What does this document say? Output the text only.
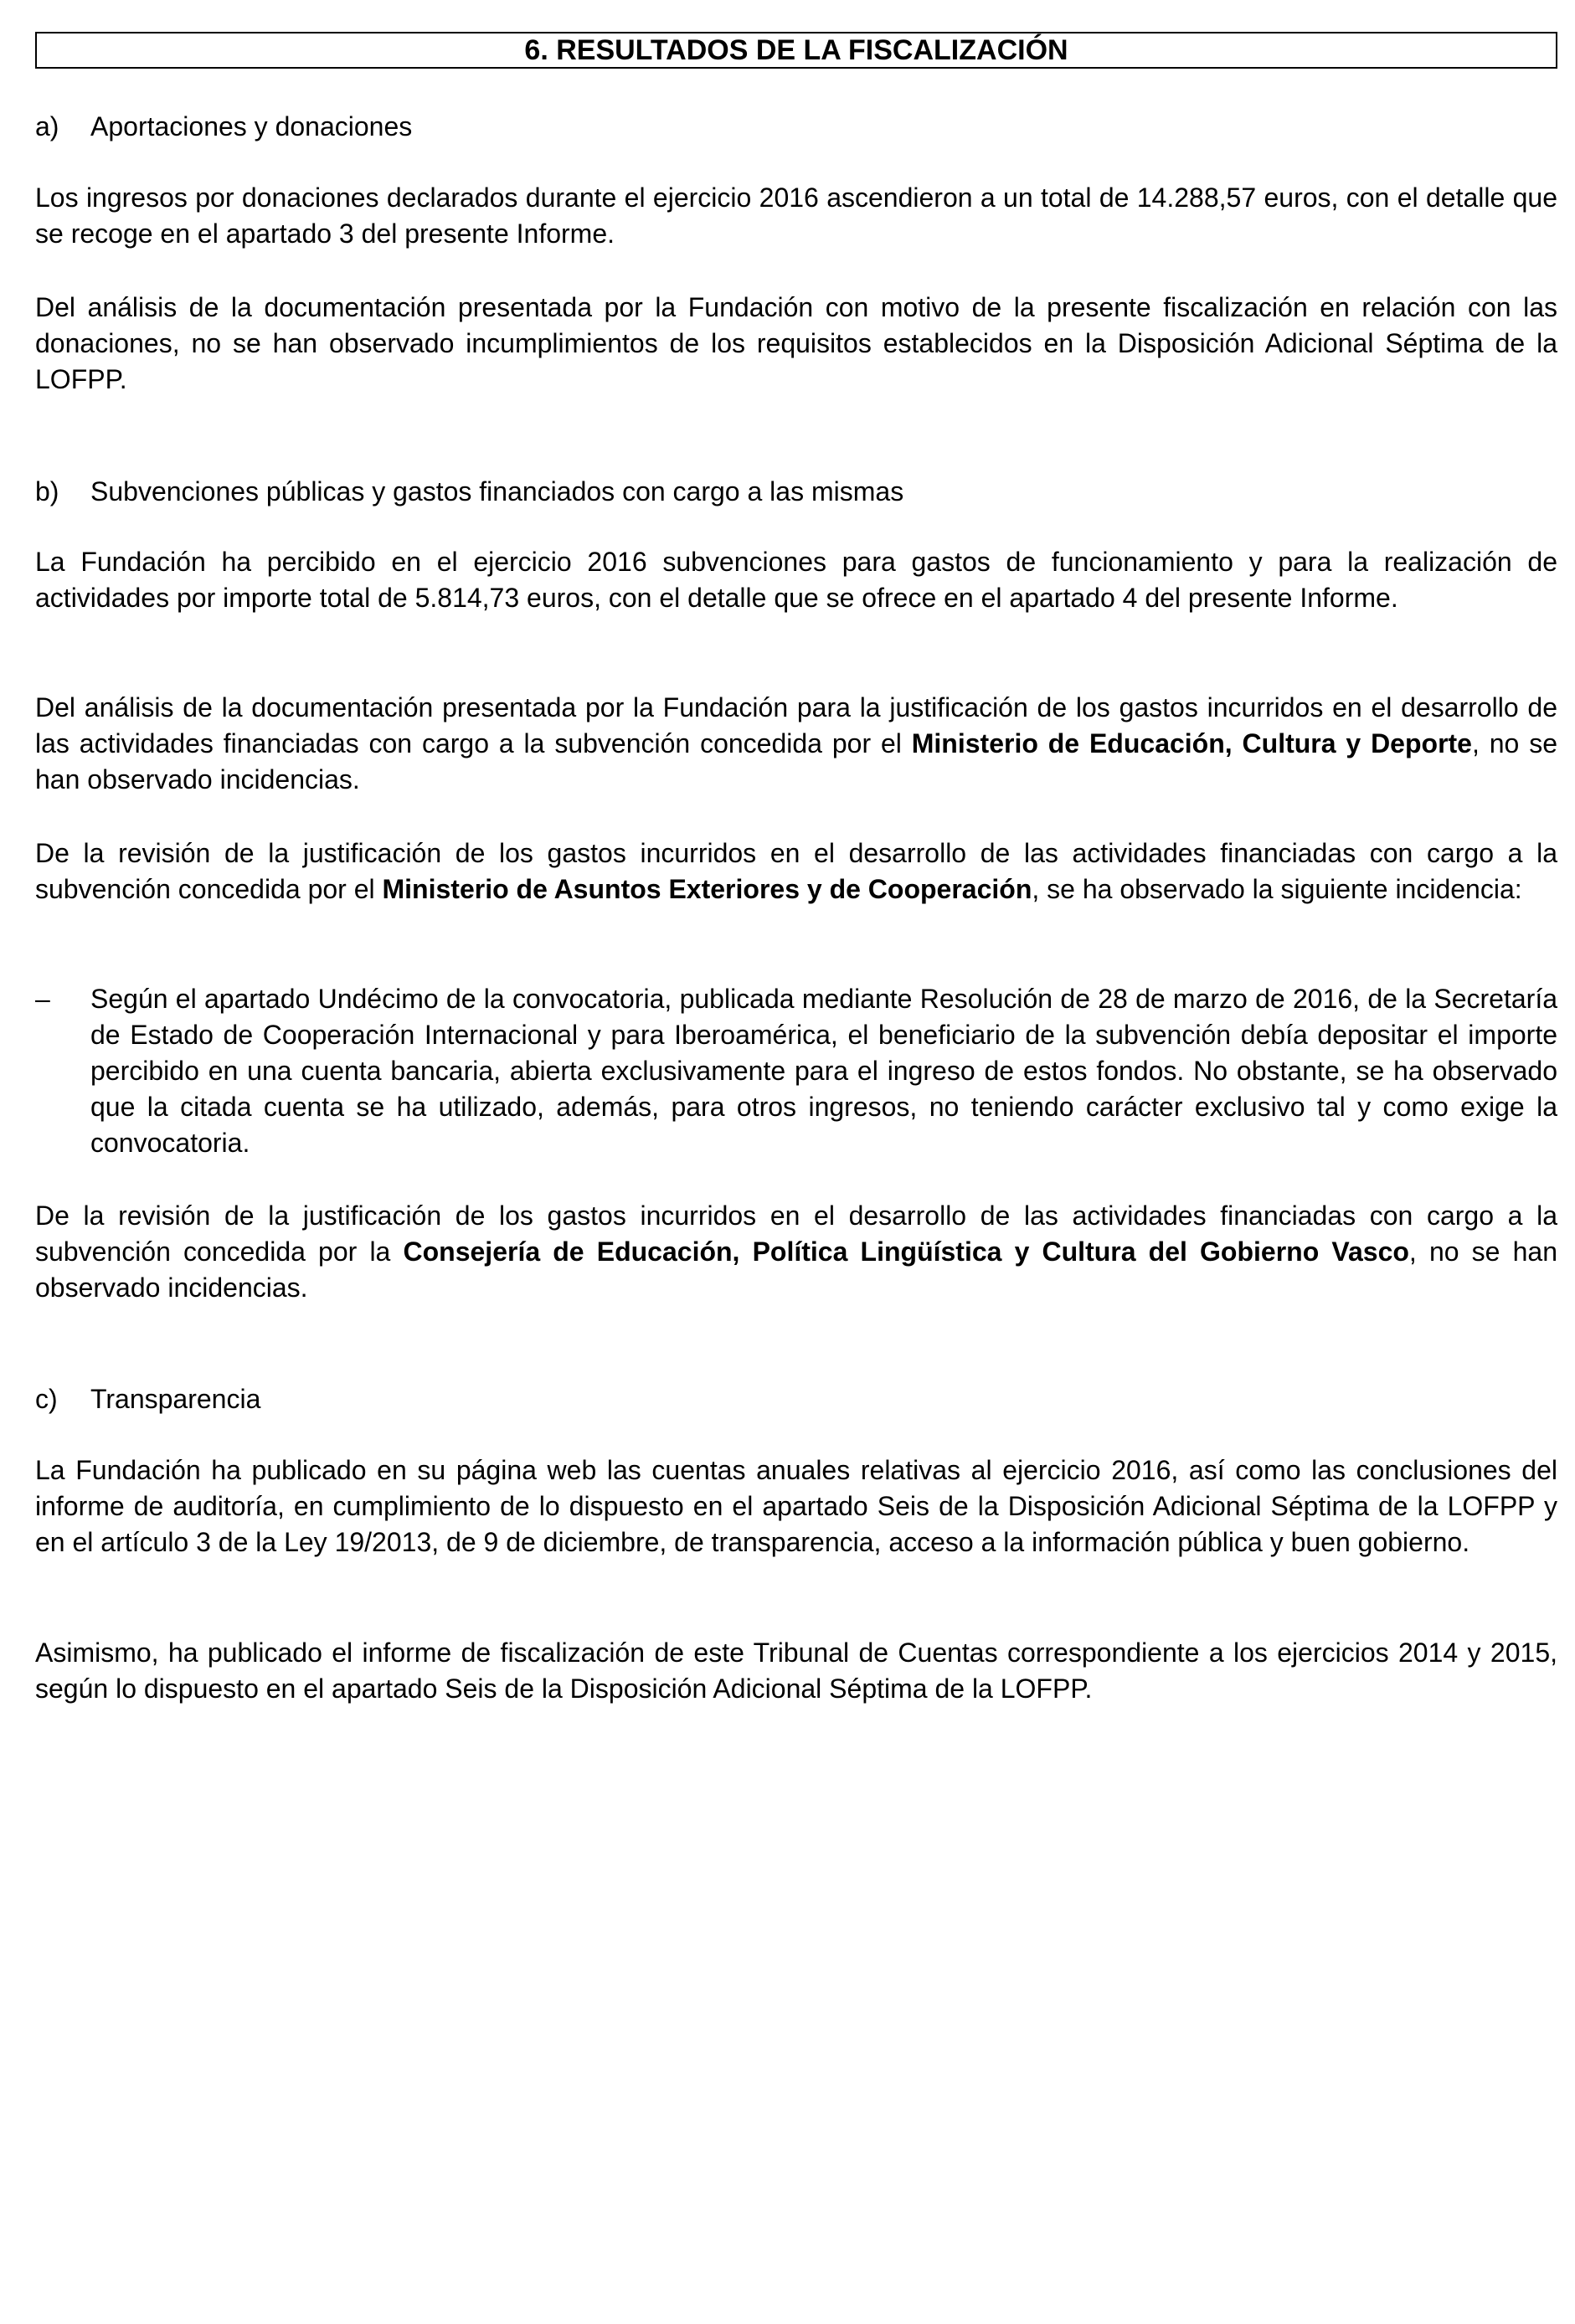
6. RESULTADOS DE LA FISCALIZACIÓN
a) Aportaciones y donaciones

Los ingresos por donaciones declarados durante el ejercicio 2016 ascendieron a un total de 14.288,57 euros, con el detalle que se recoge en el apartado 3 del presente Informe.

Del análisis de la documentación presentada por la Fundación con motivo de la presente fiscalización en relación con las donaciones, no se han observado incumplimientos de los requisitos establecidos en la Disposición Adicional Séptima de la LOFPP.

b) Subvenciones públicas y gastos financiados con cargo a las mismas

La Fundación ha percibido en el ejercicio 2016 subvenciones para gastos de funcionamiento y para la realización de actividades por importe total de 5.814,73 euros, con el detalle que se ofrece en el apartado 4 del presente Informe.

Del análisis de la documentación presentada por la Fundación para la justificación de los gastos incurridos en el desarrollo de las actividades financiadas con cargo a la subvención concedida por el Ministerio de Educación, Cultura y Deporte, no se han observado incidencias.

De la revisión de la justificación de los gastos incurridos en el desarrollo de las actividades financiadas con cargo a la subvención concedida por el Ministerio de Asuntos Exteriores y de Cooperación, se ha observado la siguiente incidencia:

– Según el apartado Undécimo de la convocatoria, publicada mediante Resolución de 28 de marzo de 2016, de la Secretaría de Estado de Cooperación Internacional y para Iberoamérica, el beneficiario de la subvención debía depositar el importe percibido en una cuenta bancaria, abierta exclusivamente para el ingreso de estos fondos. No obstante, se ha observado que la citada cuenta se ha utilizado, además, para otros ingresos, no teniendo carácter exclusivo tal y como exige la convocatoria.

De la revisión de la justificación de los gastos incurridos en el desarrollo de las actividades financiadas con cargo a la subvención concedida por la Consejería de Educación, Política Lingüística y Cultura del Gobierno Vasco, no se han observado incidencias.

c) Transparencia

La Fundación ha publicado en su página web las cuentas anuales relativas al ejercicio 2016, así como las conclusiones del informe de auditoría, en cumplimiento de lo dispuesto en el apartado Seis de la Disposición Adicional Séptima de la LOFPP y en el artículo 3 de la Ley 19/2013, de 9 de diciembre, de transparencia, acceso a la información pública y buen gobierno.

Asimismo, ha publicado el informe de fiscalización de este Tribunal de Cuentas correspondiente a los ejercicios 2014 y 2015, según lo dispuesto en el apartado Seis de la Disposición Adicional Séptima de la LOFPP.
